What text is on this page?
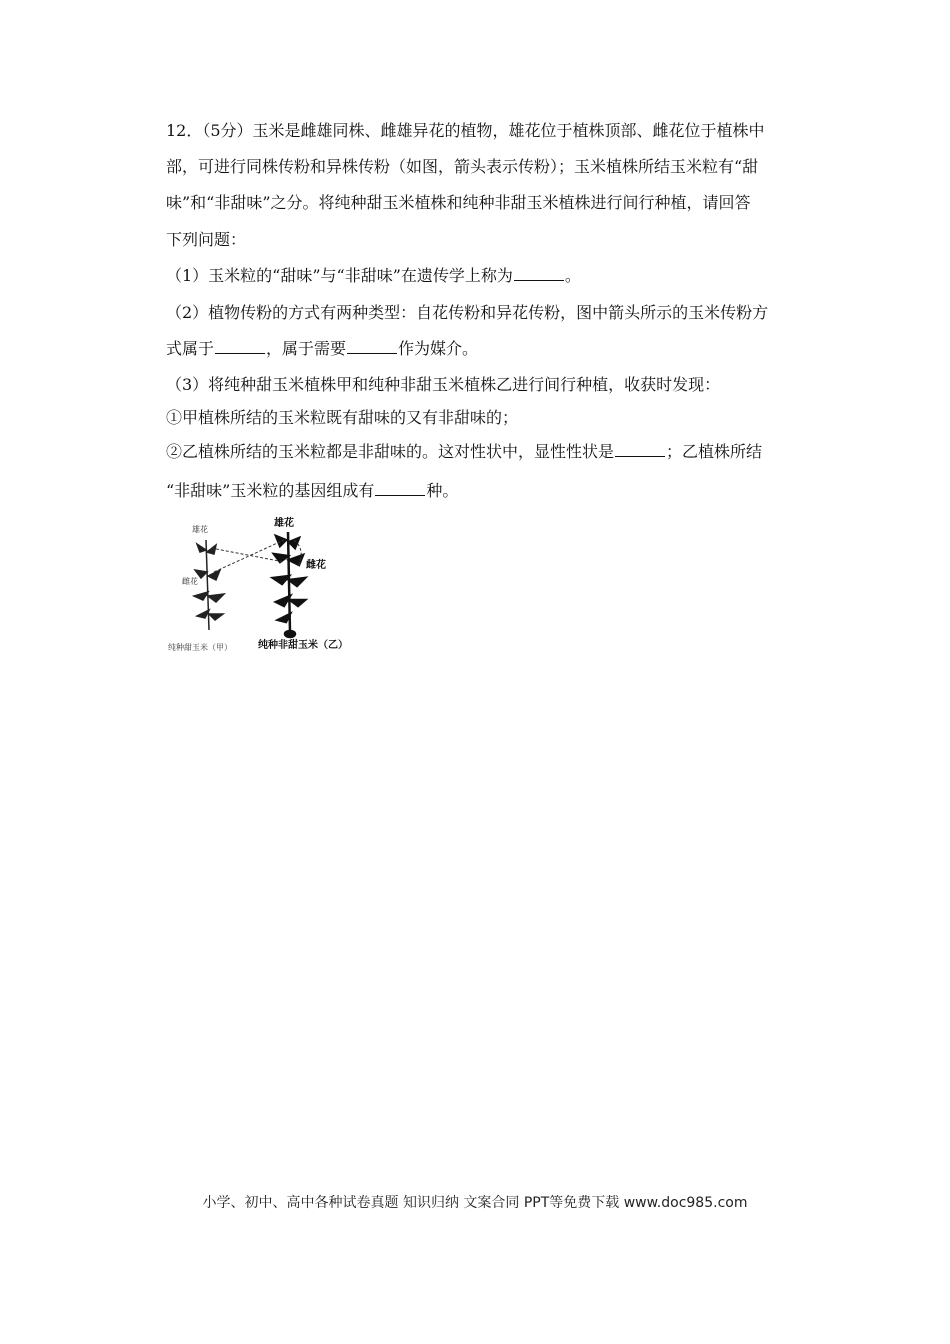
12．（5分）玉米是雌雄同株、雌雄异花的植物，雄花位于植株顶部、雌花位于植株中
部，可进行同株传粉和异株传粉（如图，箭头表示传粉）；玉米植株所结玉米粒有“甜
味”和“非甜味”之分。将纯种甜玉米植株和纯种非甜玉米植株进行间行种植，请回答
下列问题：
（1）玉米粒的“甜味”与“非甜味”在遗传学上称为	。
（2）植物传粉的方式有两种类型：自花传粉和异花传粉，图中箭头所示的玉米传粉方
式属于	，属于需要	作为媒介。
（3）将纯种甜玉米植株甲和纯种非甜玉米植株乙进行间行种植，收获时发现：
①甲植株所结的玉米粒既有甜味的又有非甜味的；
②乙植株所结的玉米粒都是非甜味的。这对性状中，显性性状是	；乙植株所结
“非甜味”玉米粒的基因组成有	种。
雄花
雌花
纯种甜玉米（甲）
雄花
雌花
纯种非甜玉米（乙）
小学、初中、高中各种试卷真题 知识归纳 文案合同 PPT等免费下载 www.doc985.com
